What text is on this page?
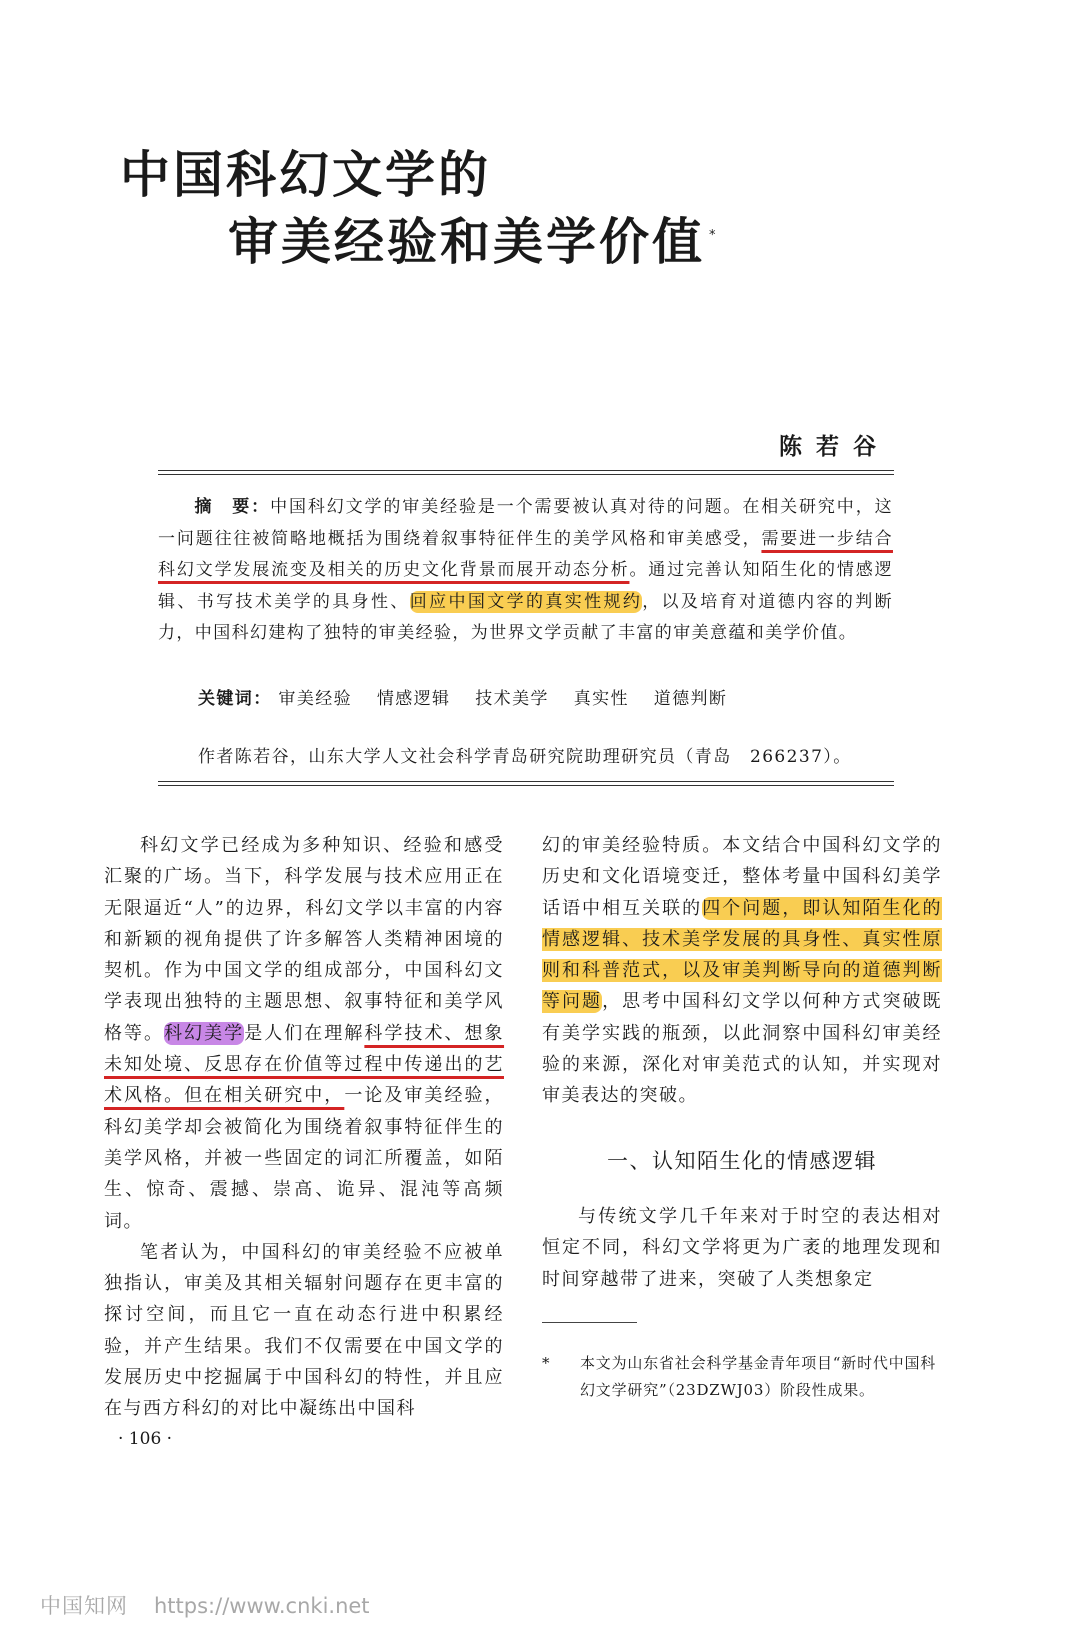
中国科幻文学的
审美经验和美学价值 *
陈若谷
摘　要：中国科幻文学的审美经验是一个需要被认真对待的问题。在相关研究中，这一问题往往被简略地概括为围绕着叙事特征伴生的美学风格和审美感受，需要进一步结合科幻文学发展流变及相关的历史文化背景而展开动态分析。通过完善认知陌生化的情感逻辑、书写技术美学的具身性、回应中国文学的真实性规约，以及培育对道德内容的判断力，中国科幻建构了独特的审美经验，为世界文学贡献了丰富的审美意蕴和美学价值。
关键词： 审美经验 情感逻辑 技术美学 真实性 道德判断
作者陈若谷，山东大学人文社会科学青岛研究院助理研究员（青岛　266237）。

科幻文学已经成为多种知识、经验和感受汇聚的广场。当下，科学发展与技术应用正在无限逼近“人”的边界，科幻文学以丰富的内容和新颖的视角提供了许多解答人类精神困境的契机。作为中国文学的组成部分，中国科幻文学表现出独特的主题思想、叙事特征和美学风格等。科幻美学是人们在理解科学技术、想象未知处境、反思存在价值等过程中传递出的艺术风格。但在相关研究中，一论及审美经验，科幻美学却会被简化为围绕着叙事特征伴生的美学风格，并被一些固定的词汇所覆盖，如陌生、惊奇、震撼、崇高、诡异、混沌等高频词。

笔者认为，中国科幻的审美经验不应被单独指认，审美及其相关辐射问题存在更丰富的探讨空间，而且它一直在动态行进中积累经验，并产生结果。我们不仅需要在中国文学的发展历史中挖掘属于中国科幻的特性，并且应在与西方科幻的对比中凝练出中国科

幻的审美经验特质。本文结合中国科幻文学的历史和文化语境变迁，整体考量中国科幻美学话语中相互关联的四个问题，即认知陌生化的情感逻辑、技术美学发展的具身性、真实性原则和科普范式，以及审美判断导向的道德判断等问题，思考中国科幻文学以何种方式突破既有美学实践的瓶颈，以此洞察中国科幻审美经验的来源，深化对审美范式的认知，并实现对审美表达的突破。

一、认知陌生化的情感逻辑

与传统文学几千年来对于时空的表达相对恒定不同，科幻文学将更为广袤的地理发现和时间穿越带了进来，突破了人类想象定

* 本文为山东省社会科学基金青年项目“新时代中国科幻文学研究”（23DZWJ03）阶段性成果。
· 106 ·
中国知网 https://www.cnki.net
